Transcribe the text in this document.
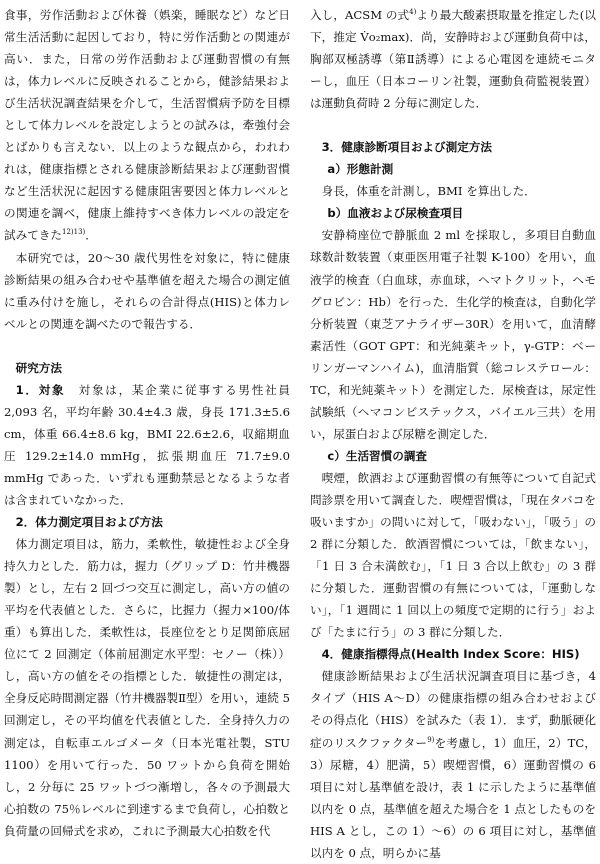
食事，労作活動および休養（娯楽，睡眠など）など日常生活活動に起因しており，特に労作活動との関連が高い．また，日常の労作活動および運動習慣の有無は，体力レベルに反映されることから，健診結果および生活状況調査結果を介して，生活習慣病予防を目標として体力レベルを設定しようとの試みは，牽強付会とばかりも言えない．以上のような観点から，われわれは，健康指標とされる健康診断結果および運動習慣など生活状況に起因する健康阻害要因と体力レベルとの関連を調べ，健康上維持すべき体力レベルの設定を試みてきた$^{12)13)}$．

本研究では，20～30 歳代男性を対象に，特に健康診断結果の組み合わせや基準値を超えた場合の測定値に重み付けを施し，それらの合計得点(HIS)と体力レベルとの関連を調べたので報告する．

研究方法

1．対象　 対象は，某企業に従事する男性社員 2,093 名，平均年齢 30.4±4.3 歳，身長 171.3±5.6 cm，体重 66.4±8.6 kg，BMI 22.6±2.6，収縮期血圧 129.2±14.0 mmHg，拡張期血圧 71.7±9.0 mmHg であった．いずれも運動禁忌となるような者は含まれていなかった．

2．体力測定項目および方法

体力測定項目は，筋力，柔軟性，敏捷性および全身持久力とした．筋力は，握力（グリップ D：竹井機器製）とし，左右 2 回づつ交互に測定し，高い方の値の平均を代表値とした．さらに，比握力（握力×100/体重）も算出した．柔軟性は，長座位をとり足関節底屈位にて 2 回測定（体前屈測定水平型：セノー（株））し，高い方の値をその指標とした．敏捷性の測定は，全身反応時間測定器（竹井機器製Ⅱ型）を用い，連続 5 回測定し，その平均値を代表値とした．全身持久力の測定は，自転車エルゴメータ（日本光電社製，STU 1100）を用いて行った．50 ワットから負荷を開始し，2 分毎に 25 ワットづつ漸増し，各々の予測最大心拍数の 75％レベルに到達するまで負荷し，心拍数と負荷量の回帰式を求め，これに予測最大心拍数を代

入し，ACSM の式$^{4)}$より最大酸素摂取量を推定した(以下，推定 V̇o₂max)．尚，安静時および運動負荷中は，胸部双極誘導（第Ⅱ誘導）による心電図を連続モニターし，血圧（日本コーリン社製，運動負荷監視装置）は運動負荷時 2 分毎に測定した．

3．健康診断項目および測定方法

a）形態計測

身長，体重を計測し，BMI を算出した．

b）血液および尿検査項目

安静椅座位で静脈血 2 ml を採取し，多項目自動血球数計数装置（東亜医用電子社製 K-100）を用い，血液学的検査（白血球，赤血球，ヘマトクリット，ヘモグロビン：Hb）を行った．生化学的検査は，自動化学分析装置（東芝アナライザー30R）を用いて，血清酵素活性（GOT GPT：和光純薬キット，γ-GTP：ベーリンガーマンハイム)，血清脂質（総コレステロール：TC，和光純薬キット）を測定した．尿検査は，尿定性試験紙（ヘマコンビステックス，バイエル三共）を用い，尿蛋白および尿糖を測定した．

c）生活習慣の調査

喫煙，飲酒および運動習慣の有無等について自記式問診票を用いて調査した．喫煙習慣は，「現在タバコを吸いますか」の問いに対して，「吸わない」，「吸う」の 2 群に分類した．飲酒習慣については，「飲まない」，「1 日 3 合未満飲む」，「1 日 3 合以上飲む」の 3 群に分類した．運動習慣の有無については，「運動しない」，「1 週間に 1 回以上の頻度で定期的に行う」および「たまに行う」の 3 群に分類した．

4．健康指標得点(Health Index Score：HIS)

健康診断結果および生活状況調査項目に基づき，4 タイプ（HIS A～D）の健康指標の組み合わせおよびその得点化（HIS）を試みた（表 1）．まず，動脈硬化症のリスクファクター$^{9)}$を考慮し，1）血圧，2）TC，3）尿糖，4）肥満，5）喫煙習慣，6）運動習慣の 6 項目に対し基準値を設け，表 1 に示したように基準値以内を 0 点，基準値を超えた場合を 1 点としたものを HIS A とし，この 1）～6）の 6 項目に対し，基準値以内を 0 点，明らかに基
